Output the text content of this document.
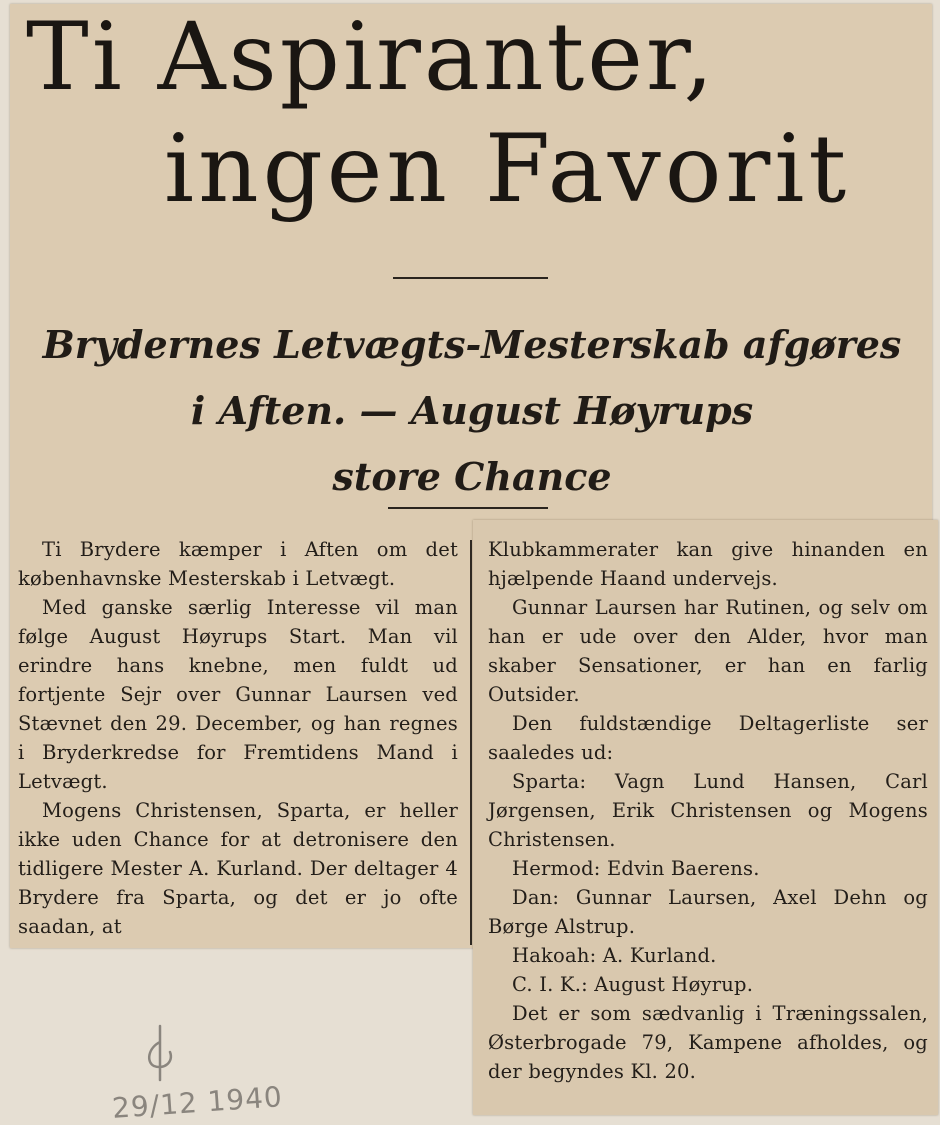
Ti Aspiranter,
ingen Favorit
Brydernes Letvægts-Mesterskab afgøres
i Aften. — August Høyrups
store Chance
Ti Brydere kæmper i Aften om det københavnske Mesterskab i Letvægt.
Med ganske særlig Interesse vil man følge August Høyrups Start. Man vil erindre hans knebne, men fuldt ud fortjente Sejr over Gunnar Laursen ved Stævnet den 29. December, og han regnes i Bryderkredse for Fremtidens Mand i Letvægt.
Mogens Christensen, Sparta, er heller ikke uden Chance for at detronisere den tidligere Mester A. Kurland. Der deltager 4 Brydere fra Sparta, og det er jo ofte saadan, at
Klubkammerater kan give hinanden en hjælpende Haand undervejs.
Gunnar Laursen har Rutinen, og selv om han er ude over den Alder, hvor man skaber Sensationer, er han en farlig Outsider.
Den fuldstændige Deltagerliste ser saaledes ud:
Sparta: Vagn Lund Hansen, Carl Jørgensen, Erik Christensen og Mogens Christensen.
Hermod: Edvin Baerens.
Dan: Gunnar Laursen, Axel Dehn og Børge Alstrup.
Hakoah: A. Kurland.
C. I. K.: August Høyrup.
Det er som sædvanlig i Træningssalen, Østerbrogade 79, Kampene afholdes, og der begyndes Kl. 20.
29/12 1940
